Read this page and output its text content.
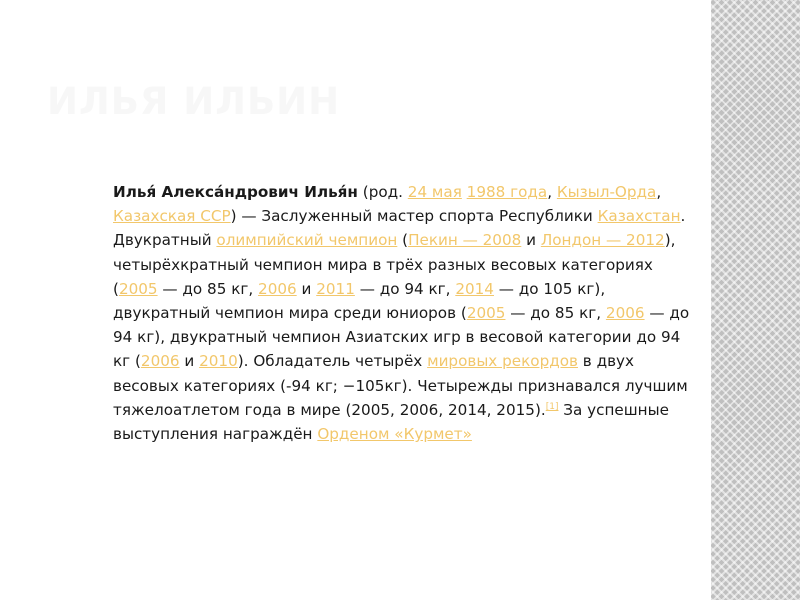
ИЛЬЯ ИЛЬИН

Илья́ Алекса́ндрович Илья́н (род. 24 мая 1988 года, Кызыл-Орда, Казахская ССР) — Заслуженный мастер спорта Республики Казахстан. Двукратный олимпийский чемпион (Пекин — 2008 и Лондон — 2012), четырёхкратный чемпион мира в трёх разных весовых категориях (2005 — до 85 кг, 2006 и 2011 — до 94 кг, 2014 — до 105 кг), двукратный чемпион мира среди юниоров (2005 — до 85 кг, 2006 — до 94 кг), двукратный чемпион Азиатских игр в весовой категории до 94 кг (2006 и 2010). Обладатель четырёх мировых рекордов в двух весовых категориях (-94 кг; −105кг). Четырежды признавался лучшим тяжелоатлетом года в мире (2005, 2006, 2014, 2015).[1] За успешные выступления награждён Орденом «Курмет»
